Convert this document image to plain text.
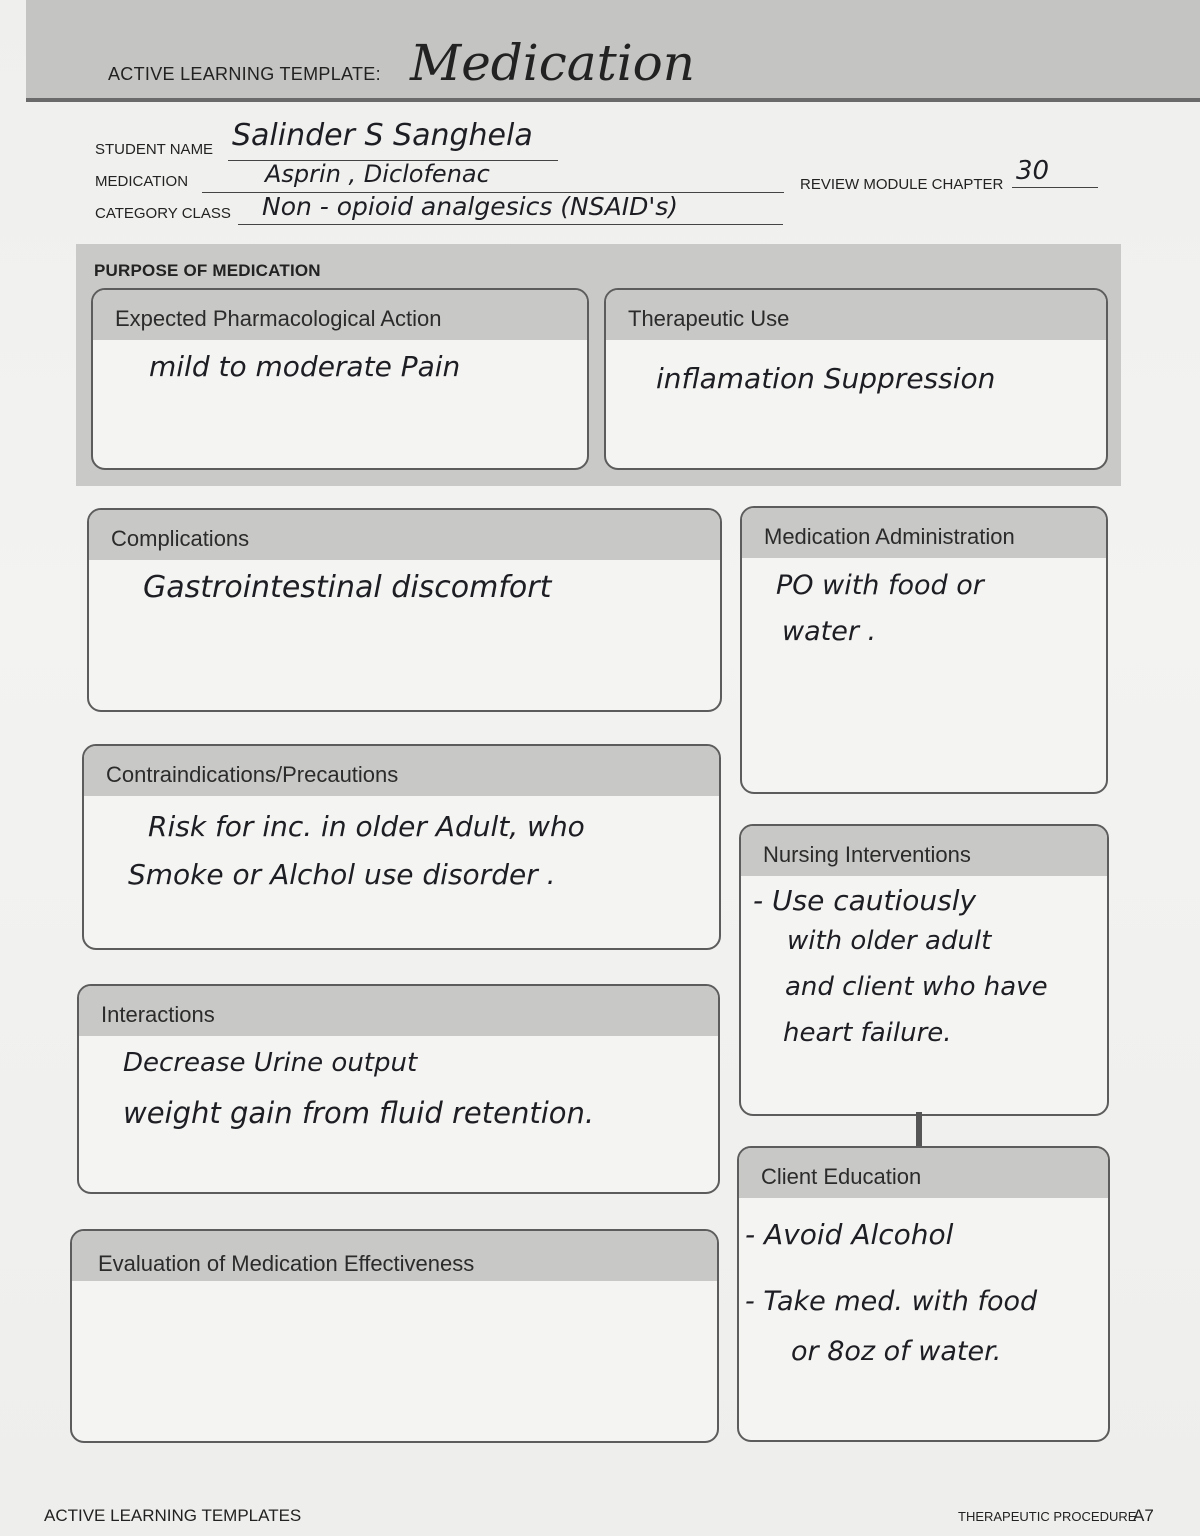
ACTIVE LEARNING TEMPLATE: Medication
STUDENT NAME Salinder S Sanghela
MEDICATION	Asprin , Diclofenac	REVIEW MODULE CHAPTER 30
CATEGORY CLASS Non - opioid analgesics (NSAID's)
PURPOSE OF MEDICATION
Expected Pharmacological Action
mild to moderate Pain
Therapeutic Use
inflamation Suppression
Complications
Gastrointestinal discomfort
Medication Administration
PO with food or
water .
Contraindications/Precautions
Risk for inc. in older Adult, who
Smoke or Alchol use disorder .
Nursing Interventions
- Use cautiously
with older adult
and client who have
heart failure.
Interactions
Decrease Urine output
weight gain from fluid retention.
Client Education
- Avoid Alcohol
- Take med. with food
or 8oz of water.
Evaluation of Medication Effectiveness
ACTIVE LEARNING TEMPLATES	THERAPEUTIC PROCEDURE
A7
